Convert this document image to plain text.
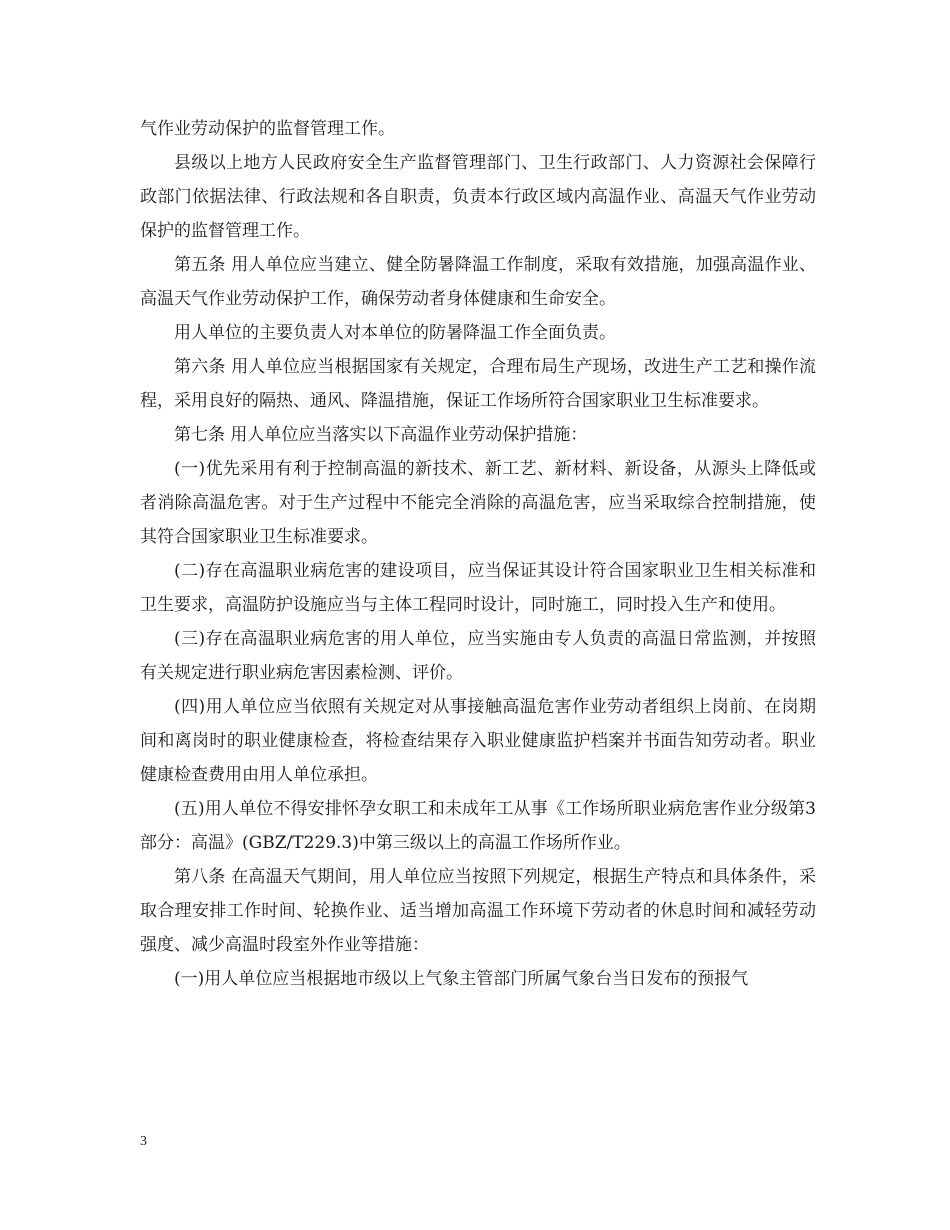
气作业劳动保护的监督管理工作。

县级以上地方人民政府安全生产监督管理部门、卫生行政部门、人力资源社会保障行政部门依据法律、行政法规和各自职责，负责本行政区域内高温作业、高温天气作业劳动保护的监督管理工作。

第五条 用人单位应当建立、健全防暑降温工作制度，采取有效措施，加强高温作业、高温天气作业劳动保护工作，确保劳动者身体健康和生命安全。

用人单位的主要负责人对本单位的防暑降温工作全面负责。

第六条 用人单位应当根据国家有关规定，合理布局生产现场，改进生产工艺和操作流程，采用良好的隔热、通风、降温措施，保证工作场所符合国家职业卫生标准要求。

第七条 用人单位应当落实以下高温作业劳动保护措施：

(一)优先采用有利于控制高温的新技术、新工艺、新材料、新设备，从源头上降低或者消除高温危害。对于生产过程中不能完全消除的高温危害，应当采取综合控制措施，使其符合国家职业卫生标准要求。

(二)存在高温职业病危害的建设项目，应当保证其设计符合国家职业卫生相关标准和卫生要求，高温防护设施应当与主体工程同时设计，同时施工，同时投入生产和使用。

(三)存在高温职业病危害的用人单位，应当实施由专人负责的高温日常监测，并按照有关规定进行职业病危害因素检测、评价。

(四)用人单位应当依照有关规定对从事接触高温危害作业劳动者组织上岗前、在岗期间和离岗时的职业健康检查，将检查结果存入职业健康监护档案并书面告知劳动者。职业健康检查费用由用人单位承担。

(五)用人单位不得安排怀孕女职工和未成年工从事《工作场所职业病危害作业分级第3部分：高温》(GBZ/T229.3)中第三级以上的高温工作场所作业。

第八条 在高温天气期间，用人单位应当按照下列规定，根据生产特点和具体条件，采取合理安排工作时间、轮换作业、适当增加高温工作环境下劳动者的休息时间和减轻劳动强度、减少高温时段室外作业等措施：

(一)用人单位应当根据地市级以上气象主管部门所属气象台当日发布的预报气

3
